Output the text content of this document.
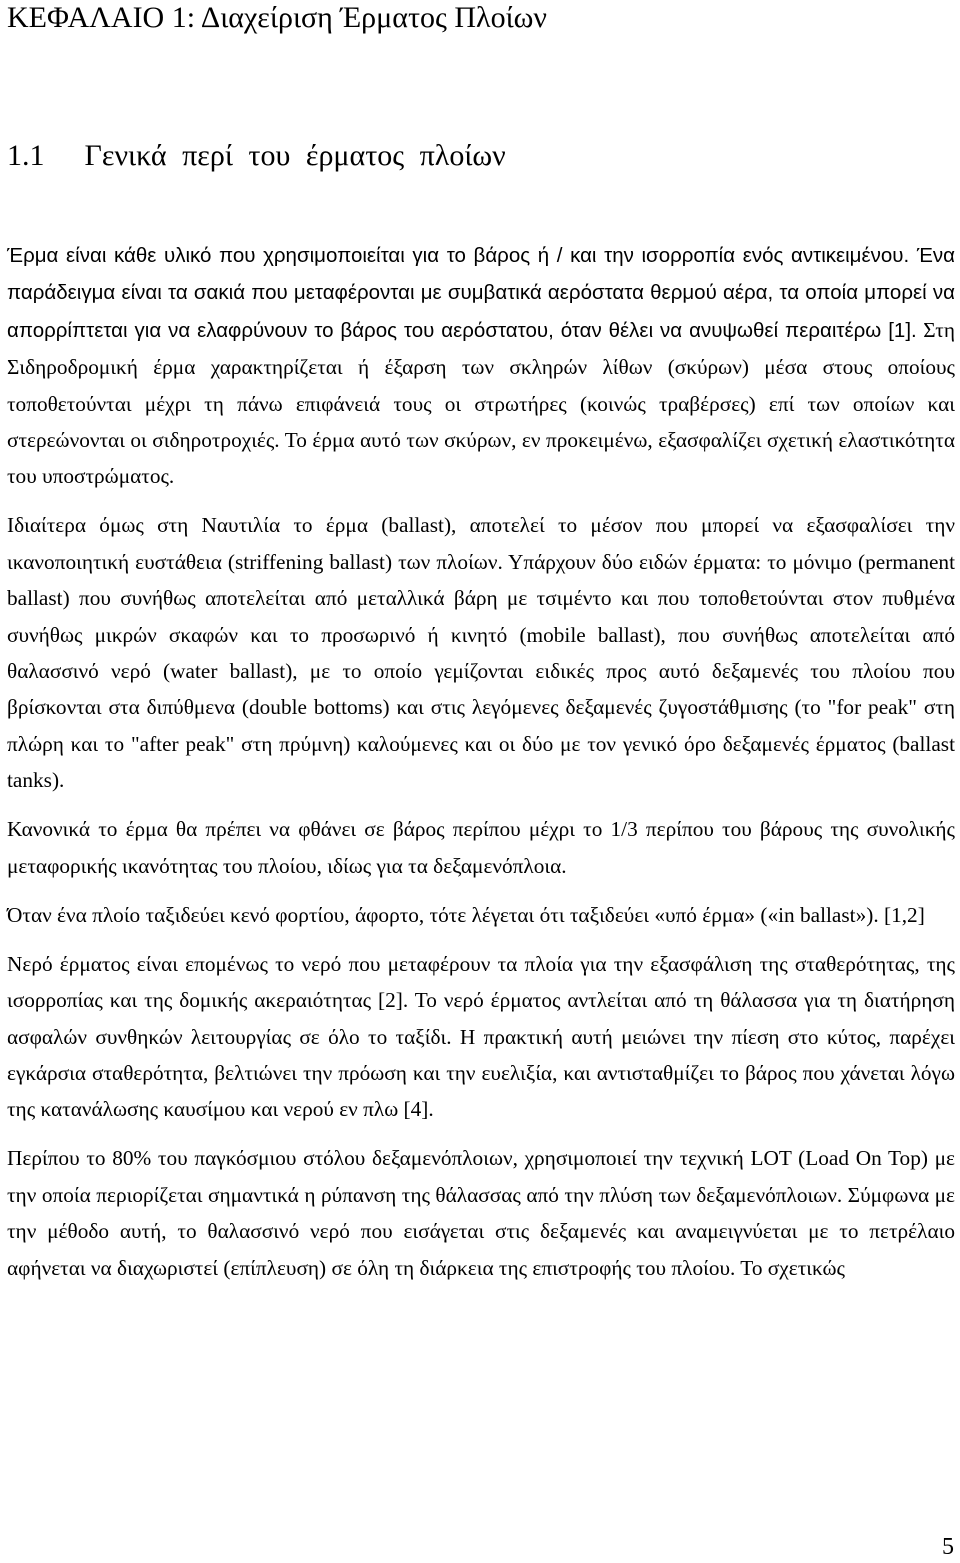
ΚΕΦΑΛΑΙΟ 1: Διαχείριση Έρματος Πλοίων
1.1 Γενικά περί του έρματος πλοίων

Έρμα είναι κάθε υλικό που χρησιμοποιείται για το βάρος ή / και την ισορροπία ενός αντικειμένου. Ένα παράδειγμα είναι τα σακιά που μεταφέρονται με συμβατικά αερόστατα θερμού αέρα, τα οποία μπορεί να απορρίπτεται για να ελαφρύνουν το βάρος του αερόστατου, όταν θέλει να ανυψωθεί περαιτέρω [1]. Στη Σιδηροδρομική έρμα χαρακτηρίζεται ή έξαρση των σκληρών λίθων (σκύρων) μέσα στους οποίους τοποθετούνται μέχρι τη πάνω επιφάνειά τους οι στρωτήρες (κοινώς τραβέρσες) επί των οποίων και στερεώνονται οι σιδηροτροχιές. Το έρμα αυτό των σκύρων, εν προκειμένω, εξασφαλίζει σχετική ελαστικότητα του υποστρώματος.

Ιδιαίτερα όμως στη Ναυτιλία το έρμα (ballast), αποτελεί το μέσον που μπορεί να εξασφαλίσει την ικανοποιητική ευστάθεια (striffening ballast) των πλοίων. Υπάρχουν δύο ειδών έρματα: το μόνιμο (permanent ballast) που συνήθως αποτελείται από μεταλλικά βάρη με τσιμέντο και που τοποθετούνται στον πυθμένα συνήθως μικρών σκαφών και το προσωρινό ή κινητό (mobile ballast), που συνήθως αποτελείται από θαλασσινό νερό (water ballast), με το οποίο γεμίζονται ειδικές προς αυτό δεξαμενές του πλοίου που βρίσκονται στα διπύθμενα (double bottoms) και στις λεγόμενες δεξαμενές ζυγοστάθμισης (το "for peak" στη πλώρη και το "after peak" στη πρύμνη) καλούμενες και οι δύο με τον γενικό όρο δεξαμενές έρματος (ballast tanks).

Κανονικά το έρμα θα πρέπει να φθάνει σε βάρος περίπου μέχρι το 1/3 περίπου του βάρους της συνολικής μεταφορικής ικανότητας του πλοίου, ιδίως για τα δεξαμενόπλοια.

Όταν ένα πλοίο ταξιδεύει κενό φορτίου, άφορτο, τότε λέγεται ότι ταξιδεύει «υπό έρμα» («in ballast»). [1,2]

Νερό έρματος είναι επομένως το νερό που μεταφέρουν τα πλοία για την εξασφάλιση της σταθερότητας, της ισορροπίας και της δομικής ακεραιότητας [2]. Το νερό έρματος αντλείται από τη θάλασσα για τη διατήρηση ασφαλών συνθηκών λειτουργίας σε όλο το ταξίδι. Η πρακτική αυτή μειώνει την πίεση στο κύτος, παρέχει εγκάρσια σταθερότητα, βελτιώνει την πρόωση και την ευελιξία, και αντισταθμίζει το βάρος που χάνεται λόγω της κατανάλωσης καυσίμου και νερού εν πλω [4].

Περίπου το 80% του παγκόσμιου στόλου δεξαμενόπλοιων, χρησιμοποιεί την τεχνική LOT (Load On Top) με την οποία περιορίζεται σημαντικά η ρύπανση της θάλασσας από την πλύση των δεξαμενόπλοιων. Σύμφωνα με την μέθοδο αυτή, το θαλασσινό νερό που εισάγεται στις δεξαμενές και αναμειγνύεται με το πετρέλαιο αφήνεται να διαχωριστεί (επίπλευση) σε όλη τη διάρκεια της επιστροφής του πλοίου. Το σχετικώς

5
